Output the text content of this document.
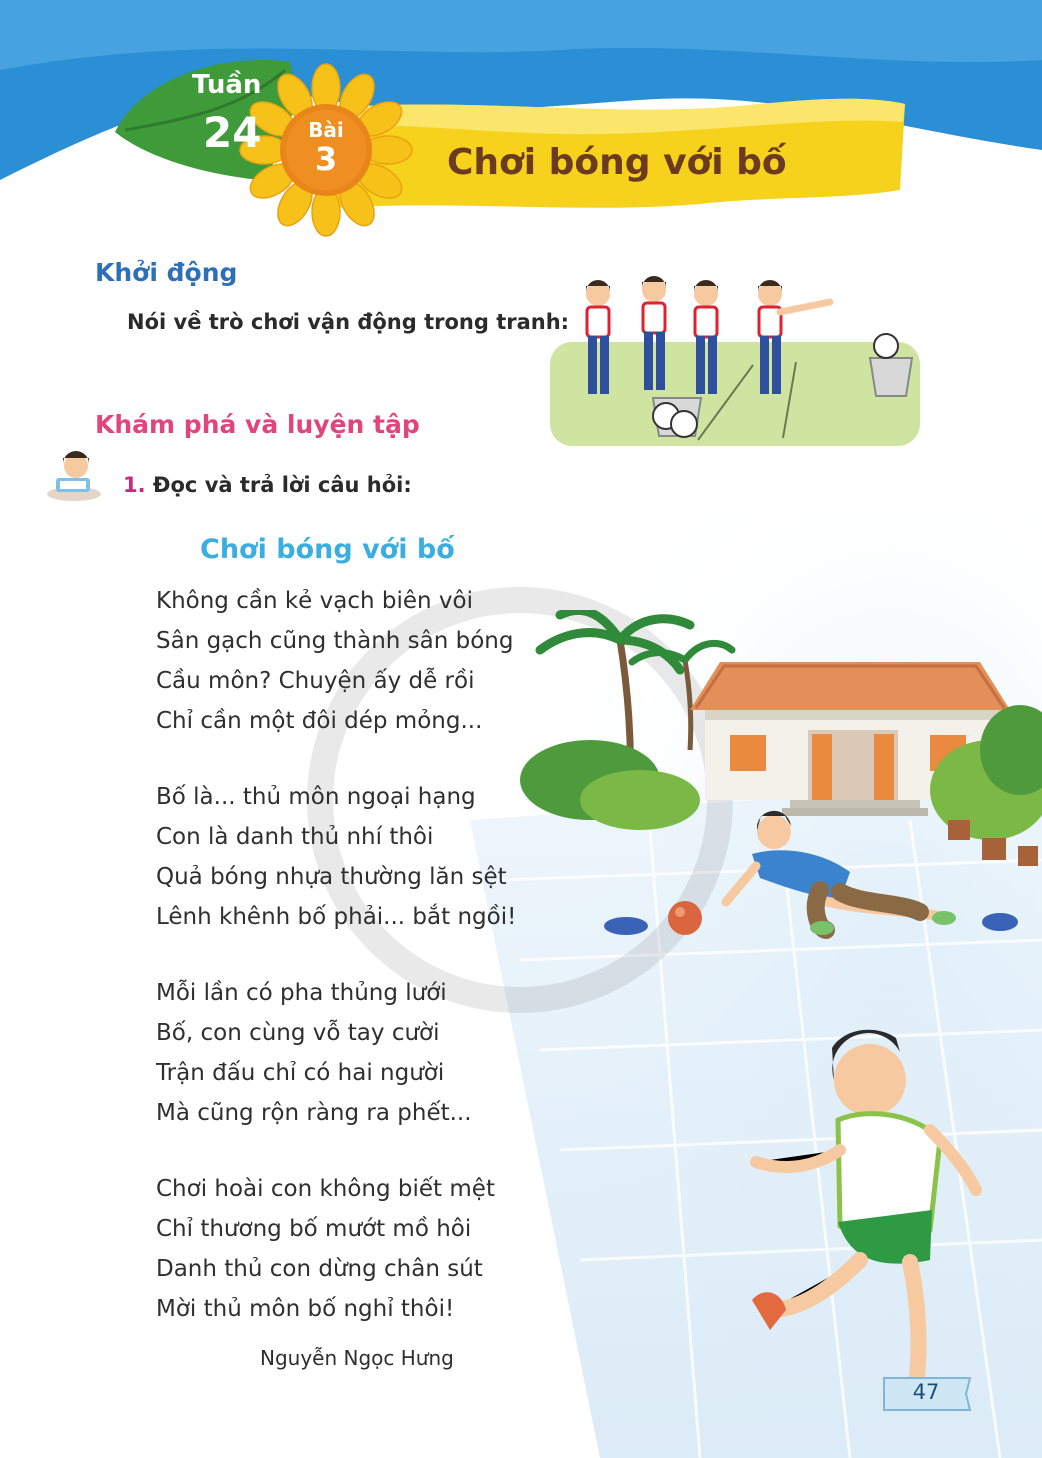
Tuần
24	Bài
3	Chơi bóng với bố
Khởi động

Nói về trò chơi vận động trong tranh:

Khám phá và luyện tập
1. Đọc và trả lời câu hỏi:
Chơi bóng với bố
Không cần kẻ vạch biên vôi
Sân gạch cũng thành sân bóng
Cầu môn? Chuyện ấy dễ rồi
Chỉ cần một đôi dép mỏng...
Bố là... thủ môn ngoại hạng
Con là danh thủ nhí thôi
Quả bóng nhựa thường lăn sệt
Lênh khênh bố phải... bắt ngồi!
Mỗi lần có pha thủng lưới
Bố, con cùng vỗ tay cười
Trận đấu chỉ có hai người
Mà cũng rộn ràng ra phết...
Chơi hoài con không biết mệt
Chỉ thương bố mướt mồ hôi
Danh thủ con dừng chân sút
Mời thủ môn bố nghỉ thôi!

Nguyễn Ngọc Hưng

47
